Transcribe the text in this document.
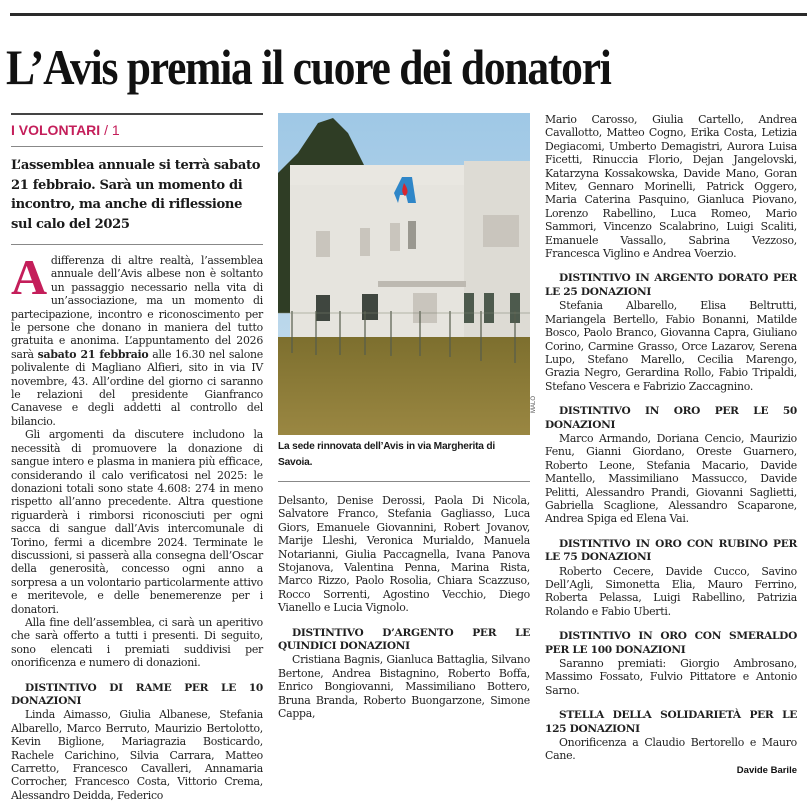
L’Avis premia il cuore dei donatori
I VOLONTARI / 1
L’assemblea annuale si terrà sabato 21 febbraio. Sarà un momento di incontro, ma anche di riflessione sul calo del 2025

Adifferenza di altre realtà, l’assemblea annuale dell’Avis albese non è soltanto un passaggio necessario nella vita di un’associazione, ma un momento di partecipazione, incontro e riconoscimento per le persone che donano in maniera del tutto gratuita e anonima. L’appuntamento del 2026 sarà sabato 21 febbraio alle 16.30 nel salone polivalente di Magliano Alfieri, sito in via IV novembre, 43. All’ordine del giorno ci saranno le relazioni del presidente Gianfranco Canavese e degli addetti al controllo del bilancio.

Gli argomenti da discutere includono la necessità di promuovere la donazione di sangue intero e plasma in maniera più efficace, considerando il calo verificatosi nel 2025: le donazioni totali sono state 4.608: 274 in meno rispetto all’anno precedente. Altra questione riguarderà i rimborsi riconosciuti per ogni sacca di sangue dall’Avis intercomunale di Torino, fermi a dicembre 2024. Terminate le discussioni, si passerà alla consegna dell’Oscar della generosità, concesso ogni anno a sorpresa a un volontario particolarmente attivo e meritevole, e delle benemerenze per i donatori.

Alla fine dell’assemblea, ci sarà un aperitivo che sarà offerto a tutti i presenti. Di seguito, sono elencati i premiati suddivisi per onorificenza e numero di donazioni.

DISTINTIVO DI RAME PER LE 10 DONAZIONI
Linda Aimasso, Giulia Albanese, Stefania Albarello, Marco Berruto, Maurizio Bertolotto, Kevin Biglione, Mariagrazia Bosticardo, Rachele Carichino, Silvia Carrara, Matteo Carretto, Francesco Cavalleri, Annamaria Corrocher, Francesco Costa, Vittorio Crema, Alessandro Deidda, Federico
MALO
La sede rinnovata dell’Avis in via Margherita di Savoia.
Delsanto, Denise Derossi, Paola Di Nicola, Salvatore Franco, Stefania Gagliasso, Luca Giors, Emanuele Giovannini, Robert Jovanov, Marije Lleshi, Veronica Murialdo, Manuela Notarianni, Giulia Paccagnella, Ivana Panova Stojanova, Valentina Penna, Marina Rista, Marco Rizzo, Paolo Rosolia, Chiara Scazzuso, Rocco Sorrenti, Agostino Vecchio, Diego Vianello e Lucia Vignolo.
DISTINTIVO D’ARGENTO PER LE QUINDICI DONAZIONI
Cristiana Bagnis, Gianluca Battaglia, Silvano Bertone, Andrea Bistagnino, Roberto Boffa, Enrico Bongiovanni, Massimiliano Bottero, Bruna Branda, Roberto Buongarzone, Simone Cappa,
Mario Carosso, Giulia Cartello, Andrea Cavallotto, Matteo Cogno, Erika Costa, Letizia Degiacomi, Umberto Demagistri, Aurora Luisa Ficetti, Rinuccia Florio, Dejan Jangelovski, Katarzyna Kossakowska, Davide Mano, Goran Mitev, Gennaro Morinelli, Patrick Oggero, Maria Caterina Pasquino, Gianluca Piovano, Lorenzo Rabellino, Luca Romeo, Mario Sammori, Vincenzo Scalabrino, Luigi Scaliti, Emanuele Vassallo, Sabrina Vezzoso, Francesca Viglino e Andrea Voerzio.
DISTINTIVO IN ARGENTO DORATO PER LE 25 DONAZIONI
Stefania Albarello, Elisa Beltrutti, Mariangela Bertello, Fabio Bonanni, Matilde Bosco, Paolo Branco, Giovanna Capra, Giuliano Corino, Carmine Grasso, Orce Lazarov, Serena Lupo, Stefano Marello, Cecilia Marengo, Grazia Negro, Gerardina Rollo, Fabio Tripaldi, Stefano Vescera e Fabrizio Zaccagnino.
DISTINTIVO IN ORO PER LE 50 DONAZIONI
Marco Armando, Doriana Cencio, Maurizio Fenu, Gianni Giordano, Oreste Guarnero, Roberto Leone, Stefania Macario, Davide Mantello, Massimiliano Massucco, Davide Pelitti, Alessandro Prandi, Giovanni Saglietti, Gabriella Scaglione, Alessandro Scaparone, Andrea Spiga ed Elena Vai.
DISTINTIVO IN ORO CON RUBINO PER LE 75 DONAZIONI
Roberto Cecere, Davide Cucco, Savino Dell’Agli, Simonetta Elia, Mauro Ferrino, Roberta Pelassa, Luigi Rabellino, Patrizia Rolando e Fabio Uberti.
DISTINTIVO IN ORO CON SMERALDO PER LE 100 DONAZIONI
Saranno premiati: Giorgio Ambrosano, Massimo Fossato, Fulvio Pittatore e Antonio Sarno.
STELLA DELLA SOLIDARIETÀ PER LE 125 DONAZIONI
Onorificenza a Claudio Bertorello e Mauro Cane.
Davide Barile
